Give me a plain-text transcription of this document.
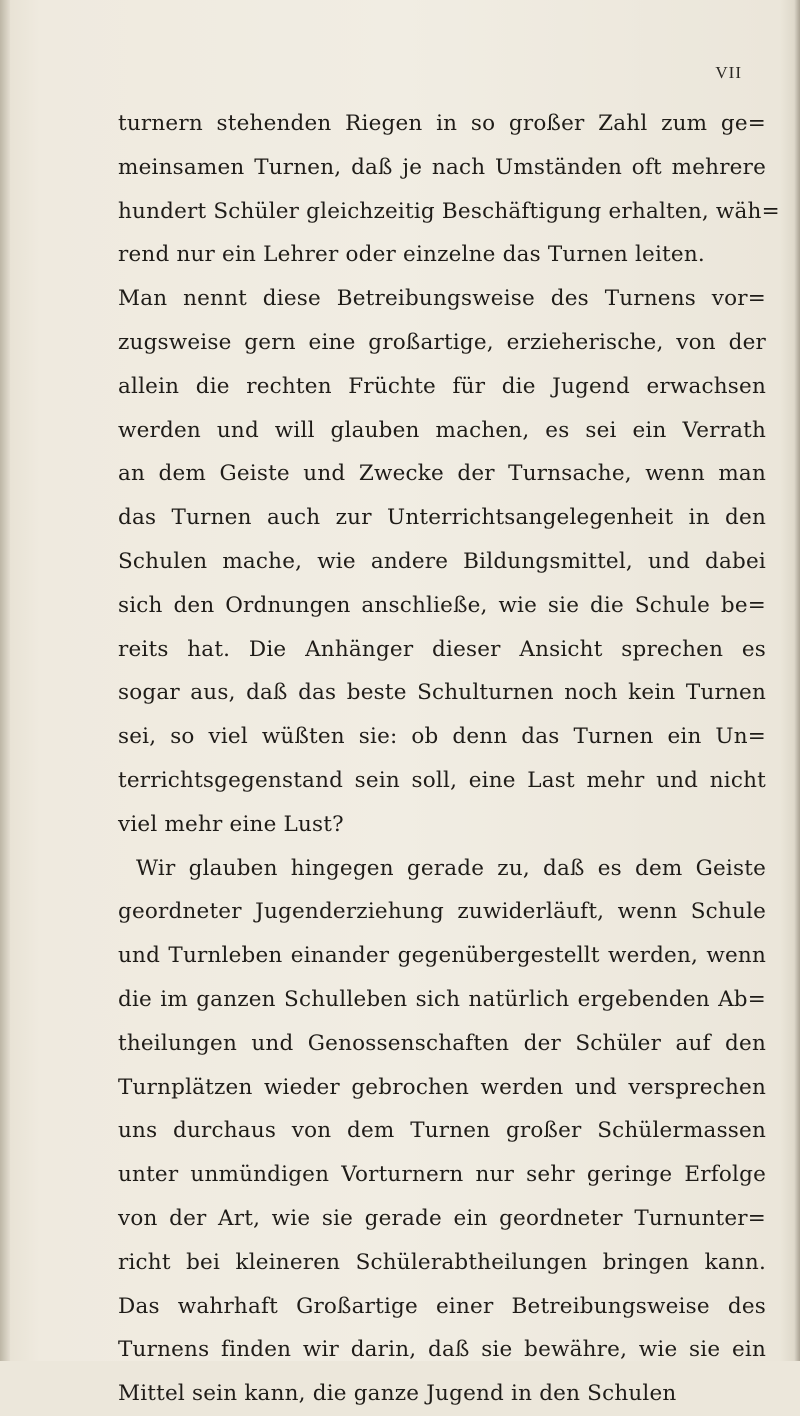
VII
turnern stehenden Riegen in so großer Zahl zum ge=
meinsamen Turnen, daß je nach Umständen oft mehrere
hundert Schüler gleichzeitig Beschäftigung erhalten, wäh=
rend nur ein Lehrer oder einzelne das Turnen leiten.
Man nennt diese Betreibungsweise des Turnens vor=
zugsweise gern eine großartige, erzieherische, von der
allein die rechten Früchte für die Jugend erwachsen
werden und will glauben machen, es sei ein Verrath
an dem Geiste und Zwecke der Turnsache, wenn man
das Turnen auch zur Unterrichtsangelegenheit in den
Schulen mache, wie andere Bildungsmittel, und dabei
sich den Ordnungen anschließe, wie sie die Schule be=
reits hat. Die Anhänger dieser Ansicht sprechen es
sogar aus, daß das beste Schulturnen noch kein Turnen
sei, so viel wüßten sie: ob denn das Turnen ein Un=
terrichtsgegenstand sein soll, eine Last mehr und nicht
viel mehr eine Lust?
Wir glauben hingegen gerade zu, daß es dem Geiste
geordneter Jugenderziehung zuwiderläuft, wenn Schule
und Turnleben einander gegenübergestellt werden, wenn
die im ganzen Schulleben sich natürlich ergebenden Ab=
theilungen und Genossenschaften der Schüler auf den
Turnplätzen wieder gebrochen werden und versprechen
uns durchaus von dem Turnen großer Schülermassen
unter unmündigen Vorturnern nur sehr geringe Erfolge
von der Art, wie sie gerade ein geordneter Turnunter=
richt bei kleineren Schülerabtheilungen bringen kann.
Das wahrhaft Großartige einer Betreibungsweise des
Turnens finden wir darin, daß sie bewähre, wie sie ein
Mittel sein kann, die ganze Jugend in den Schulen
